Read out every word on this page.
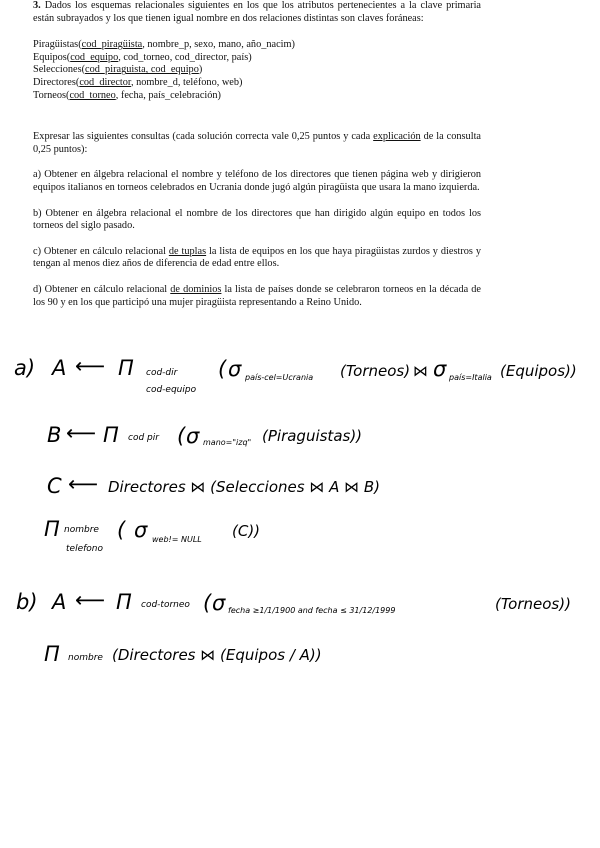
3. Dados los esquemas relacionales siguientes en los que los atributos pertenecientes a la clave primaria están subrayados y los que tienen igual nombre en dos relaciones distintas son claves foráneas:

Piragüistas(cod_piragüista, nombre_p, sexo, mano, año_nacim)
Equipos(cod_equipo, cod_torneo, cod_director, país)
Selecciones(cod_piraguista, cod_equipo)
Directores(cod_director, nombre_d, teléfono, web)
Torneos(cod_torneo, fecha, país_celebración)

Expresar las siguientes consultas (cada solución correcta vale 0,25 puntos y cada explicación de la consulta 0,25 puntos):

a) Obtener en álgebra relacional el nombre y teléfono de los directores que tienen página web y dirigieron equipos italianos en torneos celebrados en Ucrania donde jugó algún piragüista que usara la mano izquierda.

b) Obtener en álgebra relacional el nombre de los directores que han dirigido algún equipo en todos los torneos del siglo pasado.

c) Obtener en cálculo relacional de tuplas la lista de equipos en los que haya piragüistas zurdos y diestros y tengan al menos diez años de diferencia de edad entre ellos.

d) Obtener en cálculo relacional de dominios la lista de países donde se celebraron torneos en la década de los 90 y en los que participó una mujer piragüista representando a Reino Unido.

a) A ⟵ Π cod-dir
cod-equipo
( σ país-cel=Ucrania (Torneos) ⋈ σ país=Italia (Equipos))
B ⟵ Π cod pir ( σ mano="izq" (Piraguistas))
C ⟵ Directores ⋈ (Selecciones ⋈ A ⋈ B)
Π nombre
telefono
( σ web!= NULL (C))
b) A ⟵ Π cod-torneo ( σ fecha ≥1/1/1900 and fecha ≤ 31/12/1999	(Torneos))
Π nombre (Directores ⋈ (Equipos / A))
